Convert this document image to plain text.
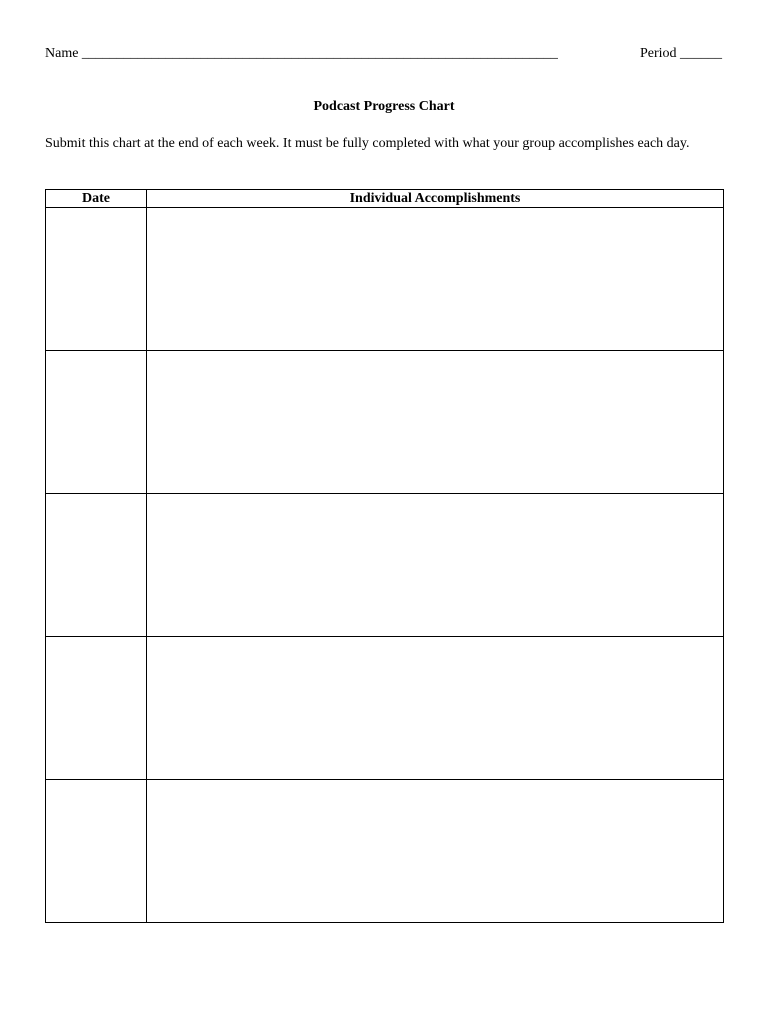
Name ____________________________________________________________________	Period ______
Podcast Progress Chart
Submit this chart at the end of each week. It must be fully completed with what your group accomplishes each day.
Date	Individual Accomplishments
